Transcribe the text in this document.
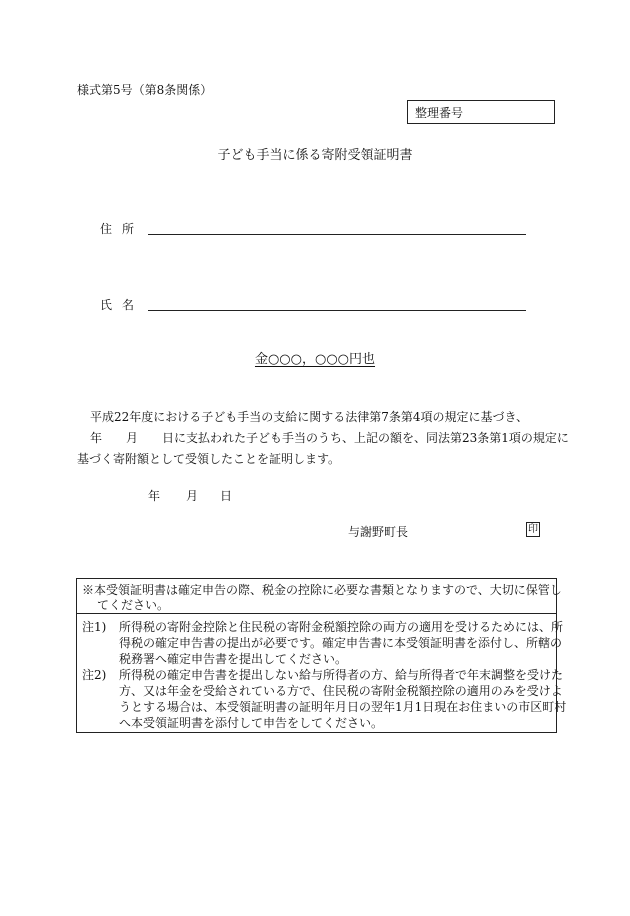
様式第5号（第8条関係）
整理番号
子ども手当に係る寄附受領証明書
住所
氏名
金○○○，○○○円也
平成22年度における子ども手当の支給に関する法律第7条第4項の規定に基づき、
年　　月　　日に支払われた子ども手当のうち、上記の額を、同法第23条第1項の規定に
基づく寄附額として受領したことを証明します。
年 月 日
与謝野町長	印
※本受領証明書は確定申告の際、税金の控除に必要な書類となりますので、大切に保管し
てください。
注1) 所得税の寄附金控除と住民税の寄附金税額控除の両方の適用を受けるためには、所
得税の確定申告書の提出が必要です。確定申告書に本受領証明書を添付し、所轄の
税務署へ確定申告書を提出してください。
注2) 所得税の確定申告書を提出しない給与所得者の方、給与所得者で年末調整を受けた
方、又は年金を受給されている方で、住民税の寄附金税額控除の適用のみを受けよ
うとする場合は、本受領証明書の証明年月日の翌年1月1日現在お住まいの市区町村
へ本受領証明書を添付して申告をしてください。
